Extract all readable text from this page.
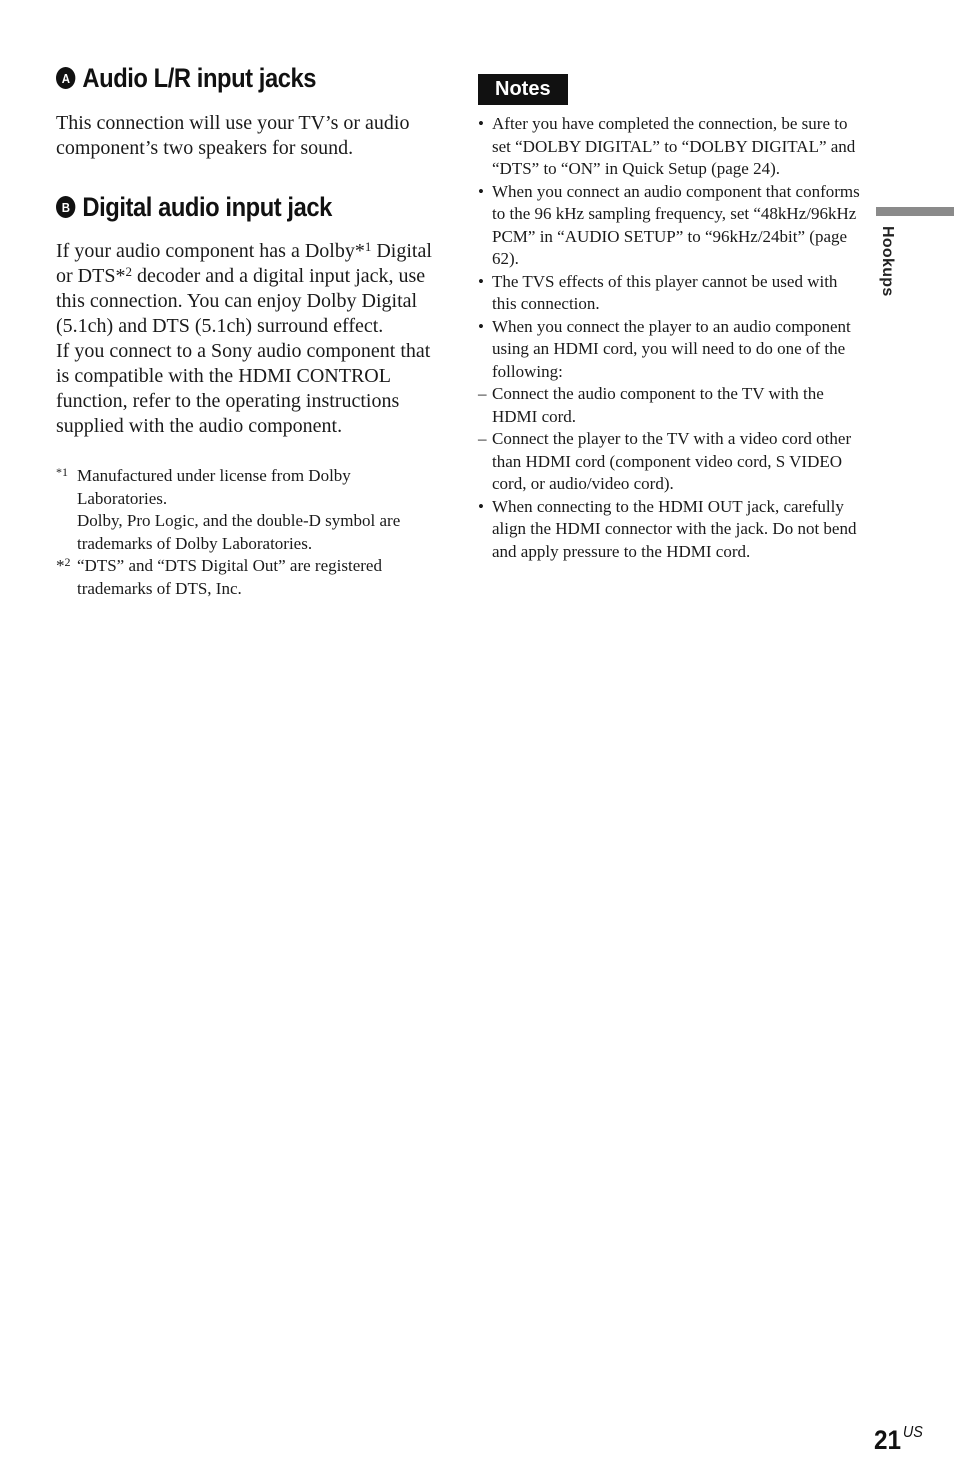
A Audio L/R input jacks

This connection will use your TV’s or audio component’s two speakers for sound.

B Digital audio input jack

If your audio component has a Dolby*$^1$ Digital or DTS*$^2$ decoder and a digital input jack, use this connection. You can enjoy Dolby Digital (5.1ch) and DTS (5.1ch) surround effect.

If you connect to a Sony audio component that is compatible with the HDMI CONTROL function, refer to the operating instructions supplied with the audio component.

$^{*1}$ Manufactured under license from Dolby Laboratories.

Dolby, Pro Logic, and the double-D symbol are trademarks of Dolby Laboratories.

*$^2$ “DTS” and “DTS Digital Out” are registered trademarks of DTS, Inc.

Notes
• After you have completed the connection, be sure to set “DOLBY DIGITAL” to “DOLBY DIGITAL” and “DTS” to “ON” in Quick Setup (page 24).
• When you connect an audio component that conforms to the 96 kHz sampling frequency, set “48kHz/96kHz PCM” in “AUDIO SETUP” to “96kHz/24bit” (page 62).
• The TVS effects of this player cannot be used with this connection.
• When you connect the player to an audio component using an HDMI cord, you will need to do one of the following:
– Connect the audio component to the TV with the HDMI cord.
– Connect the player to the TV with a video cord other than HDMI cord (component video cord, S VIDEO cord, or audio/video cord).
• When connecting to the HDMI OUT jack, carefully align the HDMI connector with the jack. Do not bend and apply pressure to the HDMI cord.
Hookups
21 $^{US}$
